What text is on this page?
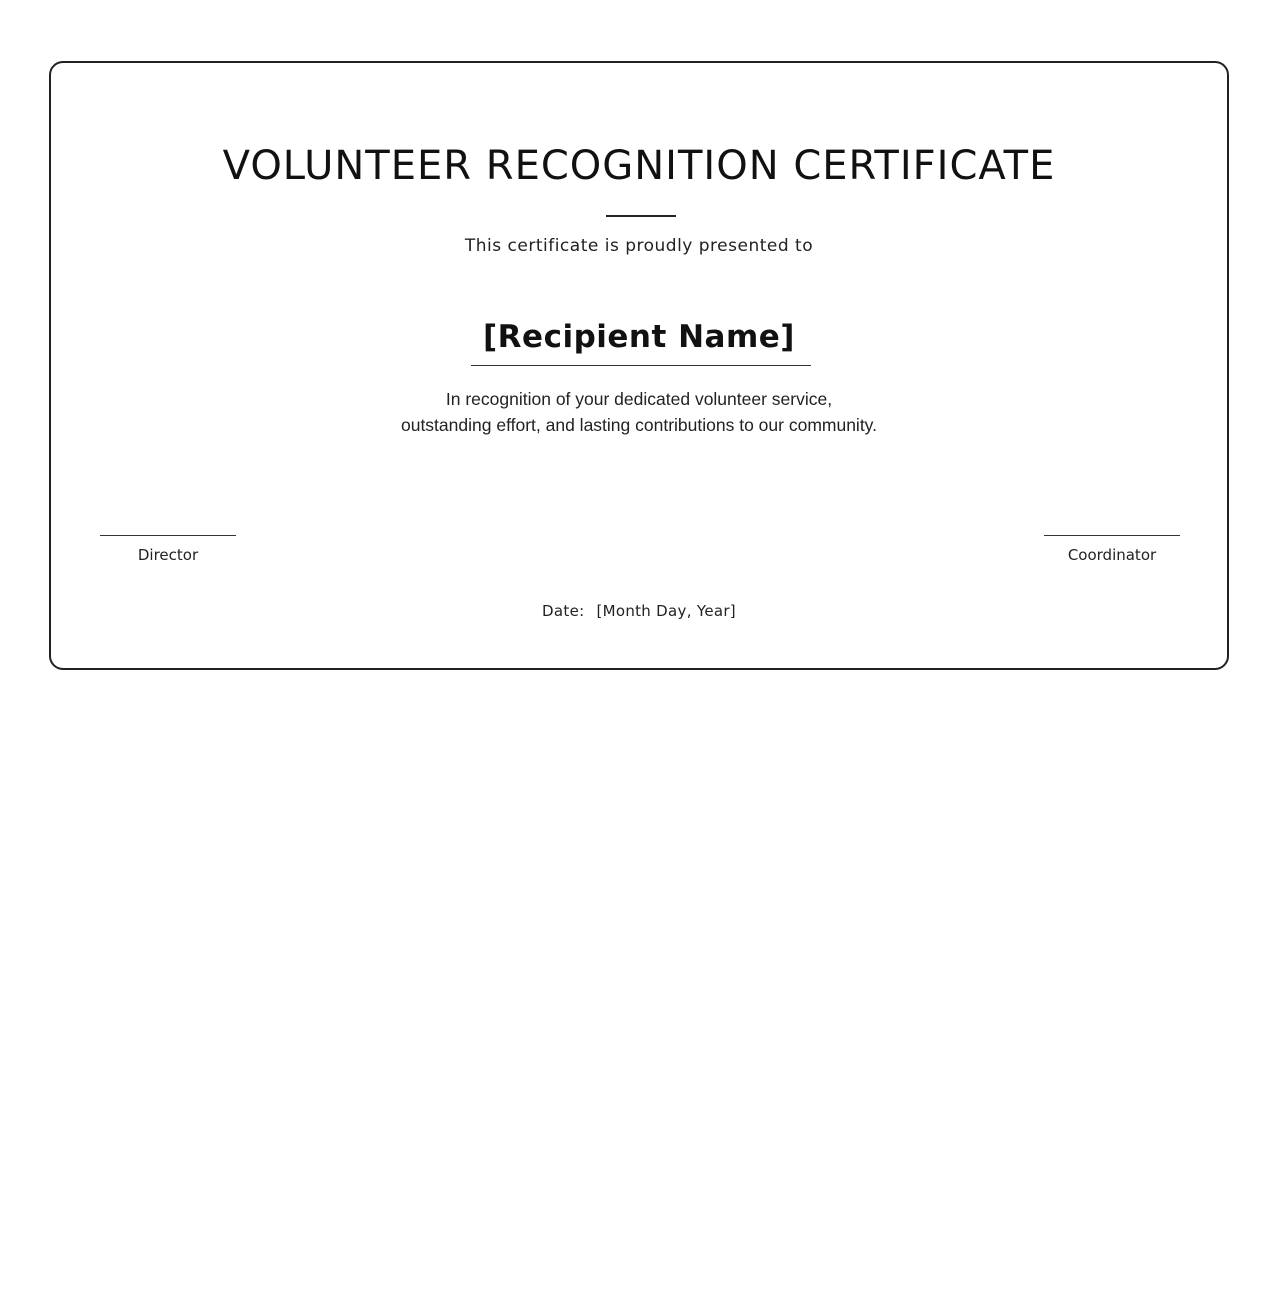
VOLUNTEER RECOGNITION CERTIFICATE
This certificate is proudly presented to
[Recipient Name]
In recognition of your dedicated volunteer service,
outstanding effort, and lasting contributions to our community.
Director	Coordinator
Date: [Month Day, Year]
